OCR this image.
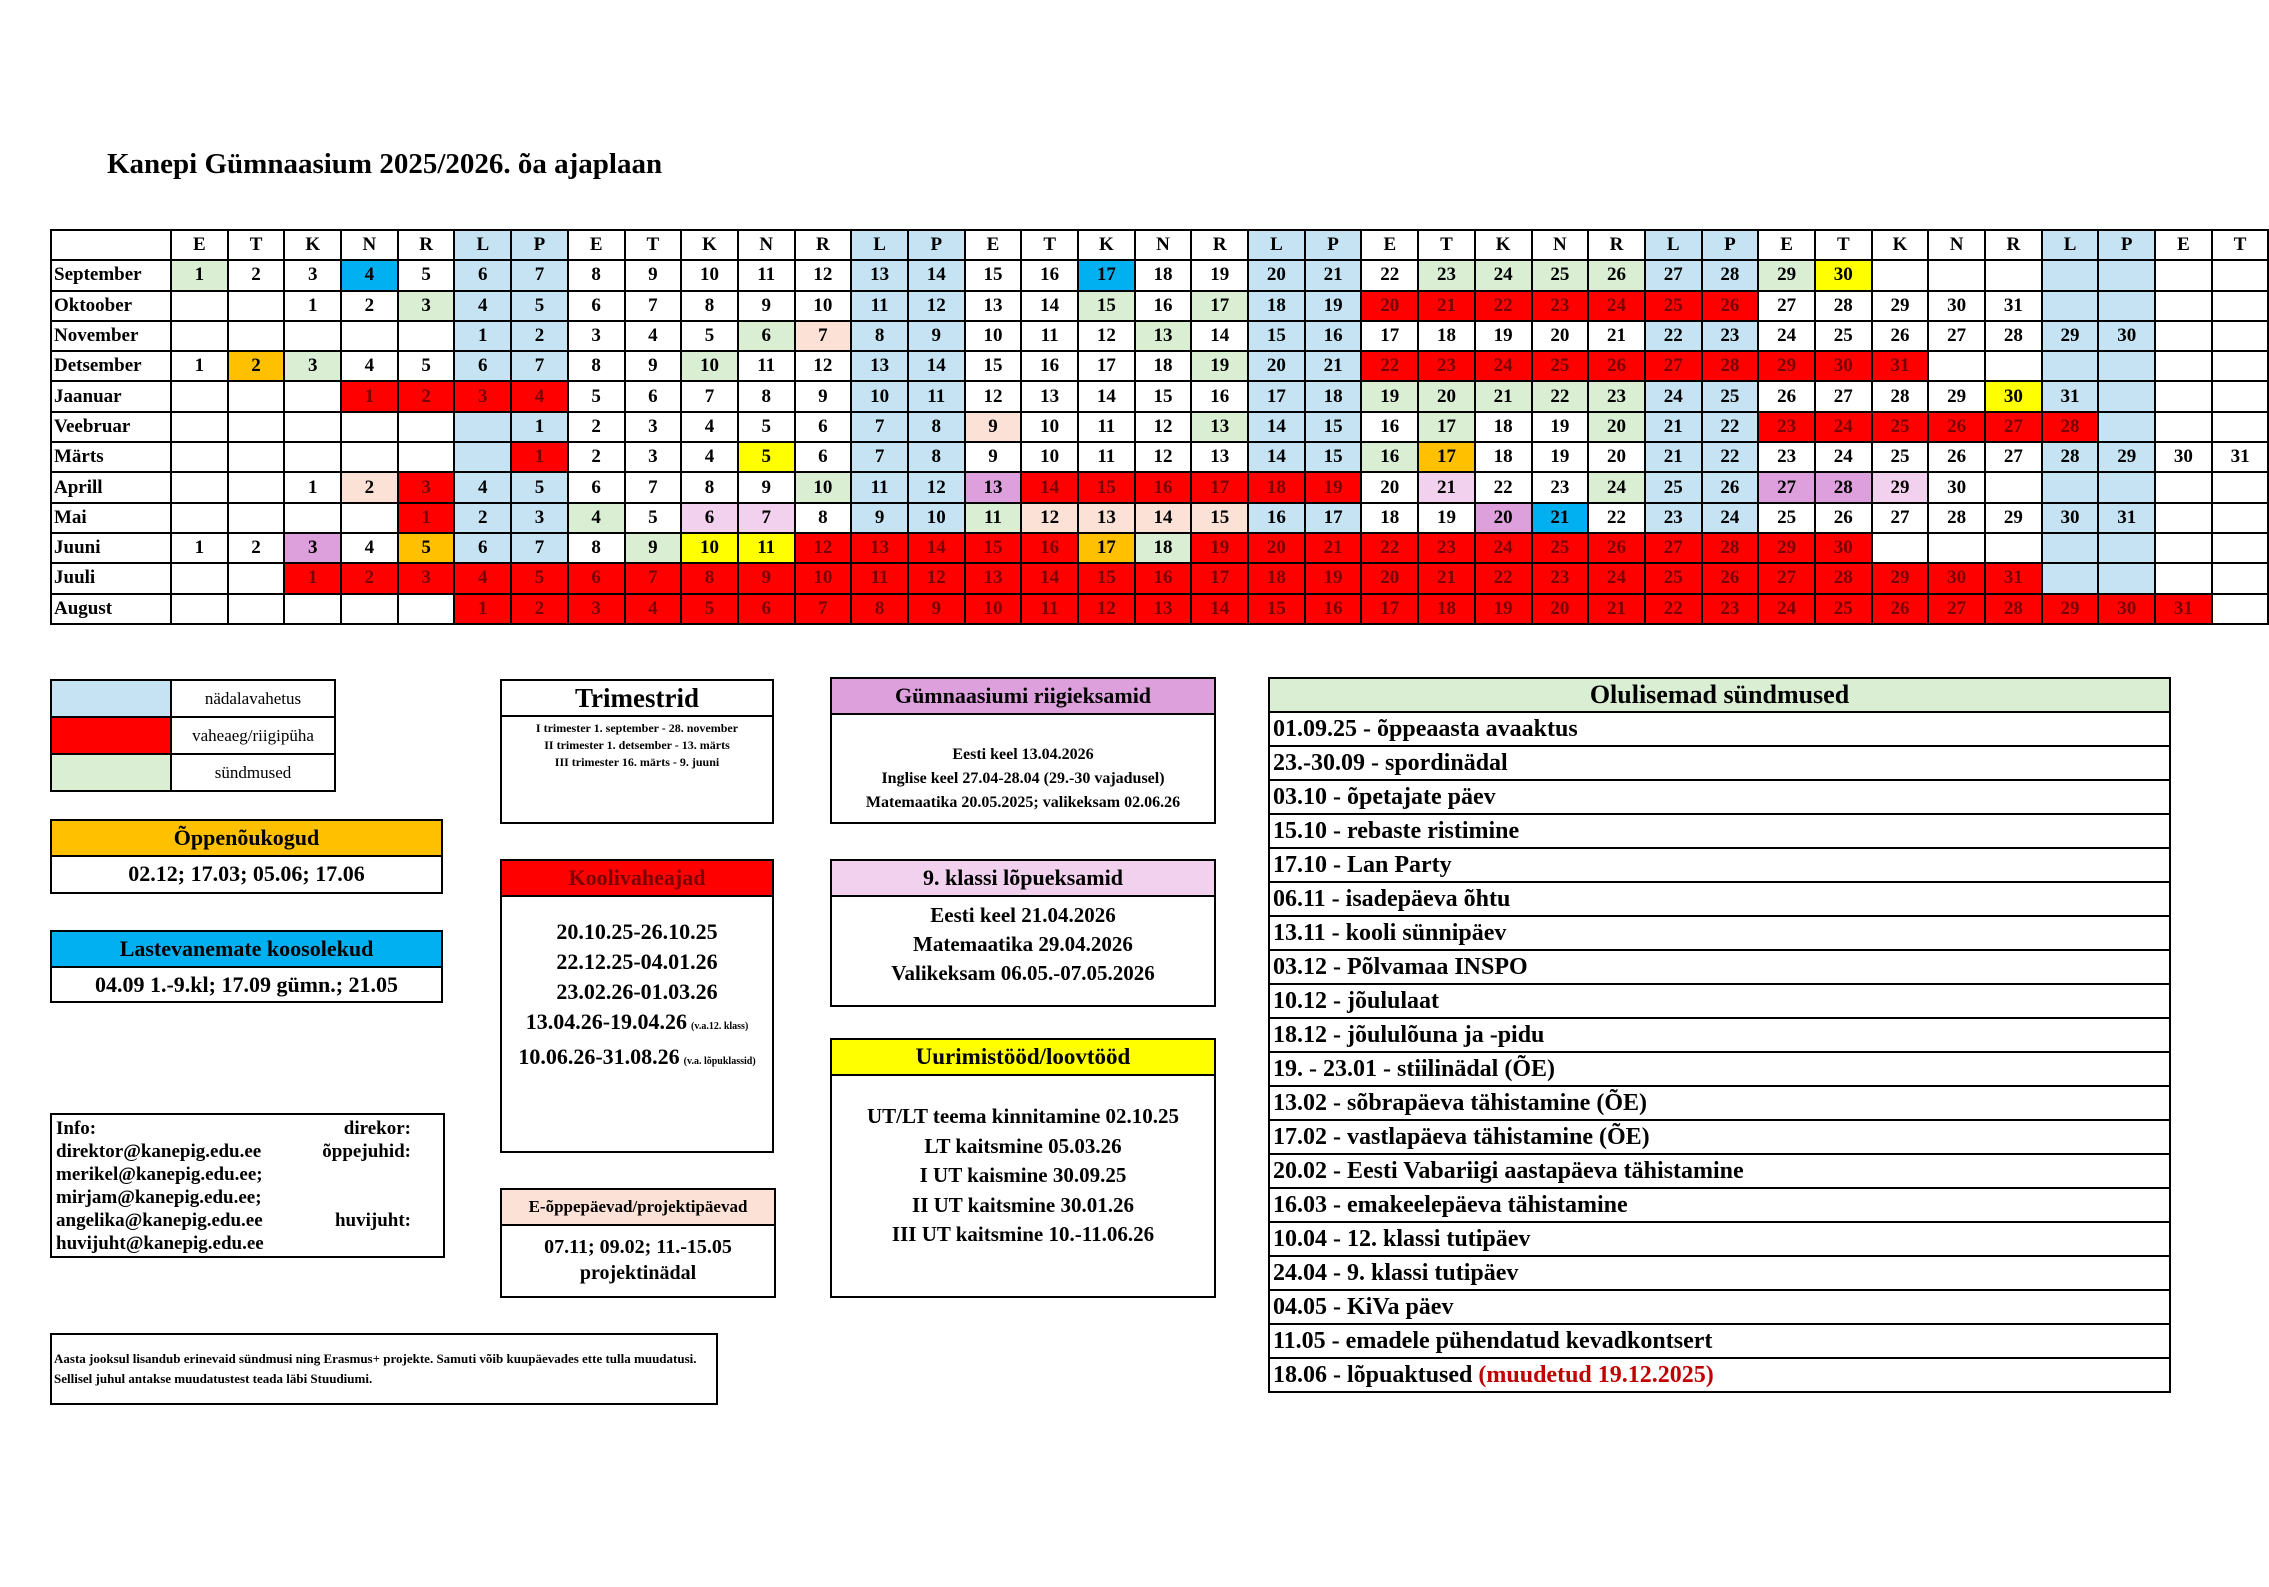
Kanepi Gümnaasium 2025/2026. õa ajaplaan
	E	T	K	N	R	L	P	E	T	K	N	R	L	P	E	T	K	N	R	L	P	E	T	K	N	R	L	P	E	T	K	N	R	L	P	E	T
September	1	2	3	4	5	6	7	8	9	10	11	12	13	14	15	16	17	18	19	20	21	22	23	24	25	26	27	28	29	30							
Oktoober			1	2	3	4	5	6	7	8	9	10	11	12	13	14	15	16	17	18	19	20	21	22	23	24	25	26	27	28	29	30	31				
November						1	2	3	4	5	6	7	8	9	10	11	12	13	14	15	16	17	18	19	20	21	22	23	24	25	26	27	28	29	30		
Detsember	1	2	3	4	5	6	7	8	9	10	11	12	13	14	15	16	17	18	19	20	21	22	23	24	25	26	27	28	29	30	31						
Jaanuar				1	2	3	4	5	6	7	8	9	10	11	12	13	14	15	16	17	18	19	20	21	22	23	24	25	26	27	28	29	30	31			
Veebruar							1	2	3	4	5	6	7	8	9	10	11	12	13	14	15	16	17	18	19	20	21	22	23	24	25	26	27	28			
Märts							1	2	3	4	5	6	7	8	9	10	11	12	13	14	15	16	17	18	19	20	21	22	23	24	25	26	27	28	29	30	31
Aprill			1	2	3	4	5	6	7	8	9	10	11	12	13	14	15	16	17	18	19	20	21	22	23	24	25	26	27	28	29	30					
Mai					1	2	3	4	5	6	7	8	9	10	11	12	13	14	15	16	17	18	19	20	21	22	23	24	25	26	27	28	29	30	31		
Juuni	1	2	3	4	5	6	7	8	9	10	11	12	13	14	15	16	17	18	19	20	21	22	23	24	25	26	27	28	29	30							
Juuli			1	2	3	4	5	6	7	8	9	10	11	12	13	14	15	16	17	18	19	20	21	22	23	24	25	26	27	28	29	30	31				
August						1	2	3	4	5	6	7	8	9	10	11	12	13	14	15	16	17	18	19	20	21	22	23	24	25	26	27	28	29	30	31	
	nädalavahetus
	vaheaeg/riigipüha
	sündmused
Õppenõukogud
02.12; 17.03; 05.06; 17.06
Lastevanemate koosolekud
04.09 1.-9.kl; 17.09 gümn.; 21.05
Info:	direkor:
direktor@kanepig.edu.ee	õppejuhid:
merikel@kanepig.edu.ee;
mirjam@kanepig.edu.ee;
angelika@kanepig.edu.ee	huvijuht:
huvijuht@kanepig.edu.ee
Aasta jooksul lisandub erinevaid sündmusi ning Erasmus+ projekte. Samuti võib kuupäevades ette tulla muudatusi. Sellisel juhul antakse muudatustest teada läbi Stuudiumi.
Trimestrid
I trimester 1. september - 28. november
II trimester 1. detsember - 13. märts
III trimester 16. märts - 9. juuni
Koolivaheajad
20.10.25-26.10.25
22.12.25-04.01.26
23.02.26-01.03.26
13.04.26-19.04.26 (v.a.12. klass)
10.06.26-31.08.26 (v.a. lõpuklassid)
E-õppepäevad/projektipäevad
07.11; 09.02; 11.-15.05
projektinädal
Gümnaasiumi riigieksamid
Eesti keel 13.04.2026
Inglise keel 27.04-28.04 (29.-30 vajadusel)
Matemaatika 20.05.2025; valikeksam 02.06.26
9. klassi lõpueksamid
Eesti keel 21.04.2026
Matemaatika 29.04.2026
Valikeksam 06.05.-07.05.2026
Uurimistööd/loovtööd
UT/LT teema kinnitamine 02.10.25
LT kaitsmine 05.03.26
I UT kaismine 30.09.25
II UT kaitsmine 30.01.26
III UT kaitsmine 10.-11.06.26
Olulisemad sündmused
01.09.25 - õppeaasta avaaktus
23.-30.09 - spordinädal
03.10 - õpetajate päev
15.10 - rebaste ristimine
17.10 - Lan Party
06.11 - isadepäeva õhtu
13.11 - kooli sünnipäev
03.12 - Põlvamaa INSPO
10.12 - jõululaat
18.12 - jõululõuna ja -pidu
19. - 23.01 - stiilinädal (ÕE)
13.02 - sõbrapäeva tähistamine (ÕE)
17.02 - vastlapäeva tähistamine (ÕE)
20.02 - Eesti Vabariigi aastapäeva tähistamine
16.03 - emakeelepäeva tähistamine
10.04 - 12. klassi tutipäev
24.04 - 9. klassi tutipäev
04.05 - KiVa päev
11.05 - emadele pühendatud kevadkontsert
18.06 - lõpuaktused (muudetud 19.12.2025)
